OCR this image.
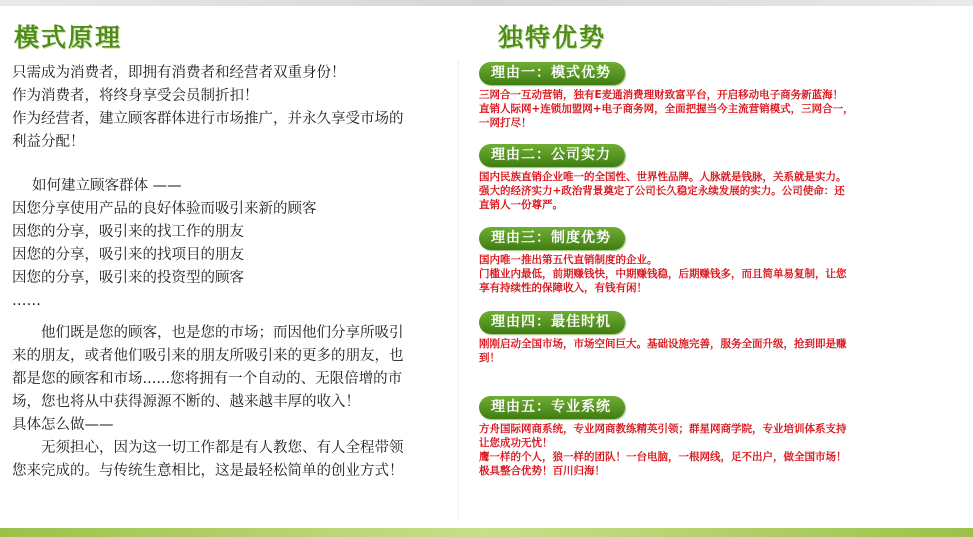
模式原理

只需成为消费者，即拥有消费者和经营者双重身份！

作为消费者，将终身享受会员制折扣！

作为经营者，建立顾客群体进行市场推广，并永久享受市场的

利益分配！

如何建立顾客群体 ——

因您分享使用产品的良好体验而吸引来新的顾客

因您的分享，吸引来的找工作的朋友

因您的分享，吸引来的找项目的朋友

因您的分享，吸引来的投资型的顾客

……

他们既是您的顾客，也是您的市场；而因他们分享所吸引

来的朋友，或者他们吸引来的朋友所吸引来的更多的朋友，也

都是您的顾客和市场......您将拥有一个自动的、无限倍增的市

场，您也将从中获得源源不断的、越来越丰厚的收入！

具体怎么做——

无须担心，因为这一切工作都是有人教您、有人全程带领

您来完成的。与传统生意相比，这是最轻松简单的创业方式！

独特优势
理由一：模式优势

三网合一互动营销，独有E麦通消费理财致富平台，开启移动电子商务新蓝海！

直销人际网+连锁加盟网+电子商务网，全面把握当今主流营销模式，三网合一，

一网打尽！

理由二：公司实力

国内民族直销企业唯一的全国性、世界性品牌。人脉就是钱脉，关系就是实力。

强大的经济实力+政治背景奠定了公司长久稳定永续发展的实力。公司使命：还

直销人一份尊严。

理由三：制度优势

国内唯一推出第五代直销制度的企业。

门槛业内最低，前期赚钱快，中期赚钱稳，后期赚钱多，而且简单易复制，让您

享有持续性的保障收入，有钱有闲！

理由四：最佳时机

刚刚启动全国市场，市场空间巨大。基础设施完善，服务全面升级，抢到即是赚

到！

理由五：专业系统

方舟国际网商系统，专业网商教练精英引领；群星网商学院，专业培训体系支持

让您成功无忧！

鹰一样的个人，狼一样的团队！一台电脑，一根网线，足不出户，做全国市场！

极具整合优势！百川归海！
